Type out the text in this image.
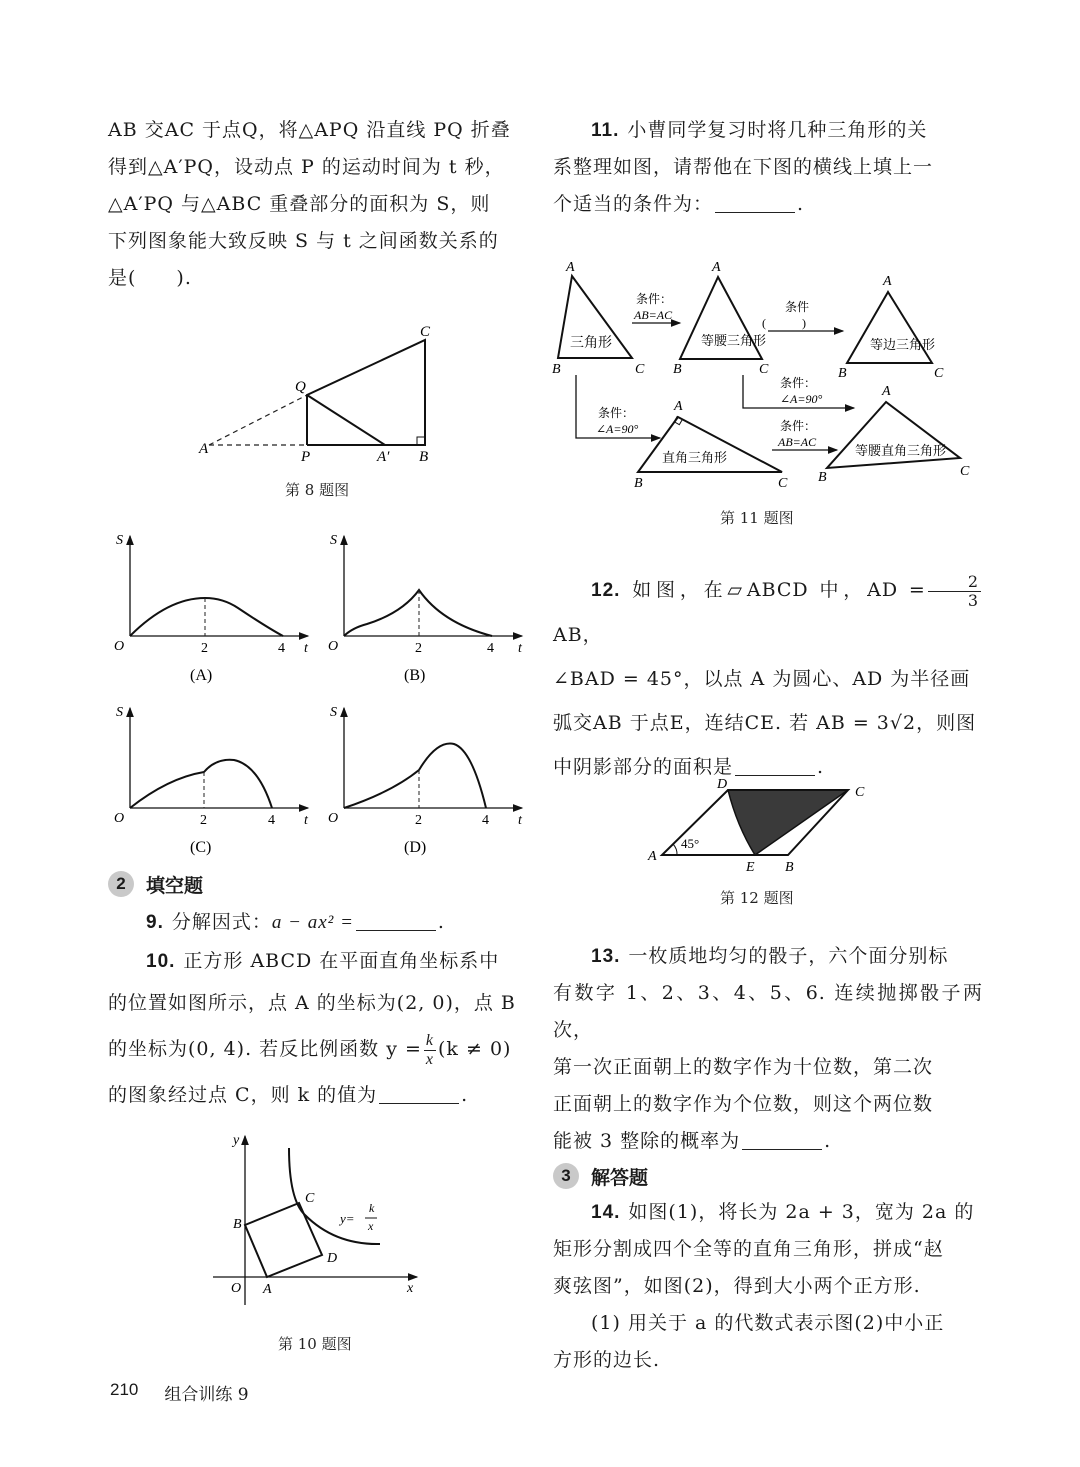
AB 交AC 于点Q，将△APQ 沿直线 PQ 折叠

得到△A′PQ，设动点 P 的运动时间为 t 秒，

△A′PQ 与△ABC 重叠部分的面积为 S，则

下列图象能大致反映 S 与 t 之间函数关系的

是(　　).

A	P	A′ B
C
Q
第 8 题图
S
O	2	4 t
(A)
S
O	2	4 t
(B)
S
O	2	4 t
(C)
S
O	2	4 t
(D)
2	填空题

9. 分解因式：a − ax² =	.

10. 正方形 ABCD 在平面直角坐标系中

的位置如图所示，点 A 的坐标为(2, 0)，点 B

的坐标为(0, 4). 若反比例函数 $y = \frac{k}{x} (k \ne 0)$

的图象经过点 C，则 k 的值为	.

y
x
O A
B
C
D
y=
k
x
第 10 题图

11. 小曹同学复习时将几种三角形的关

系整理如图，请帮他在下图的横线上填上一

个适当的条件为：	.

三角形
A
B	C
条件：
AB=AC
等腰三角形
A
B	C
条件
(　　　)
等边三角形
A
B	C
条件：
∠A=90°
条件：
∠A=90°
直角三角形
A
B	C
条件：
AB=AC
等腰直角三角形
A
B	C
第 11 题图

12. 如图，在▱ABCD 中，AD = $\frac{2}{3}$
AB，

∠BAD = 45°，以点 A 为圆心、AD 为半径画

弧交AB 于点E，连结CE. 若 AB = 3√2，则图

中阴影部分的面积是	.

45°
A
E B
D
C
第 12 题图

13. 一枚质地均匀的骰子，六个面分别标

有数字 1、2、3、4、5、6. 连续抛掷骰子两次，

第一次正面朝上的数字作为十位数，第二次

正面朝上的数字作为个位数，则这个两位数

能被 3 整除的概率为	.

3	解答题

14. 如图(1)，将长为 2a + 3，宽为 2a 的

矩形分割成四个全等的直角三角形，拼成“赵

爽弦图”，如图(2)，得到大小两个正方形.

(1) 用关于 a 的代数式表示图(2)中小正

方形的边长.

210 组合训练 9
